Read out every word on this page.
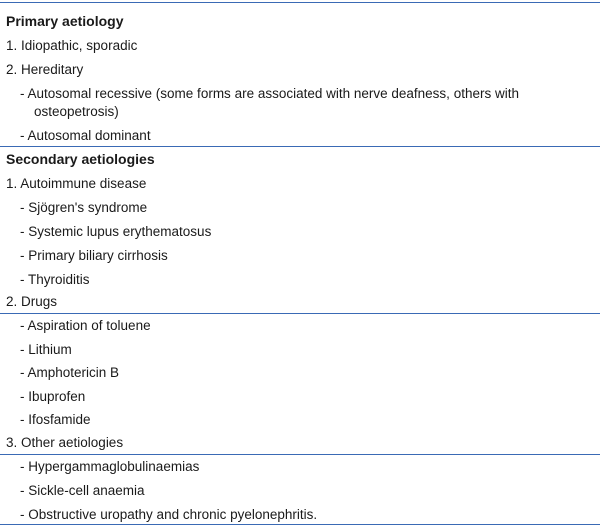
Primary aetiology
1. Idiopathic, sporadic
2. Hereditary
- Autosomal recessive (some forms are associated with nerve deafness, others with
osteopetrosis)
- Autosomal dominant
Secondary aetiologies
1. Autoimmune disease
- Sjögren's syndrome
- Systemic lupus erythematosus
- Primary biliary cirrhosis
- Thyroiditis
2. Drugs
- Aspiration of toluene
- Lithium
- Amphotericin B
- Ibuprofen
- Ifosfamide
3. Other aetiologies
- Hypergammaglobulinaemias
- Sickle-cell anaemia
- Obstructive uropathy and chronic pyelonephritis.
